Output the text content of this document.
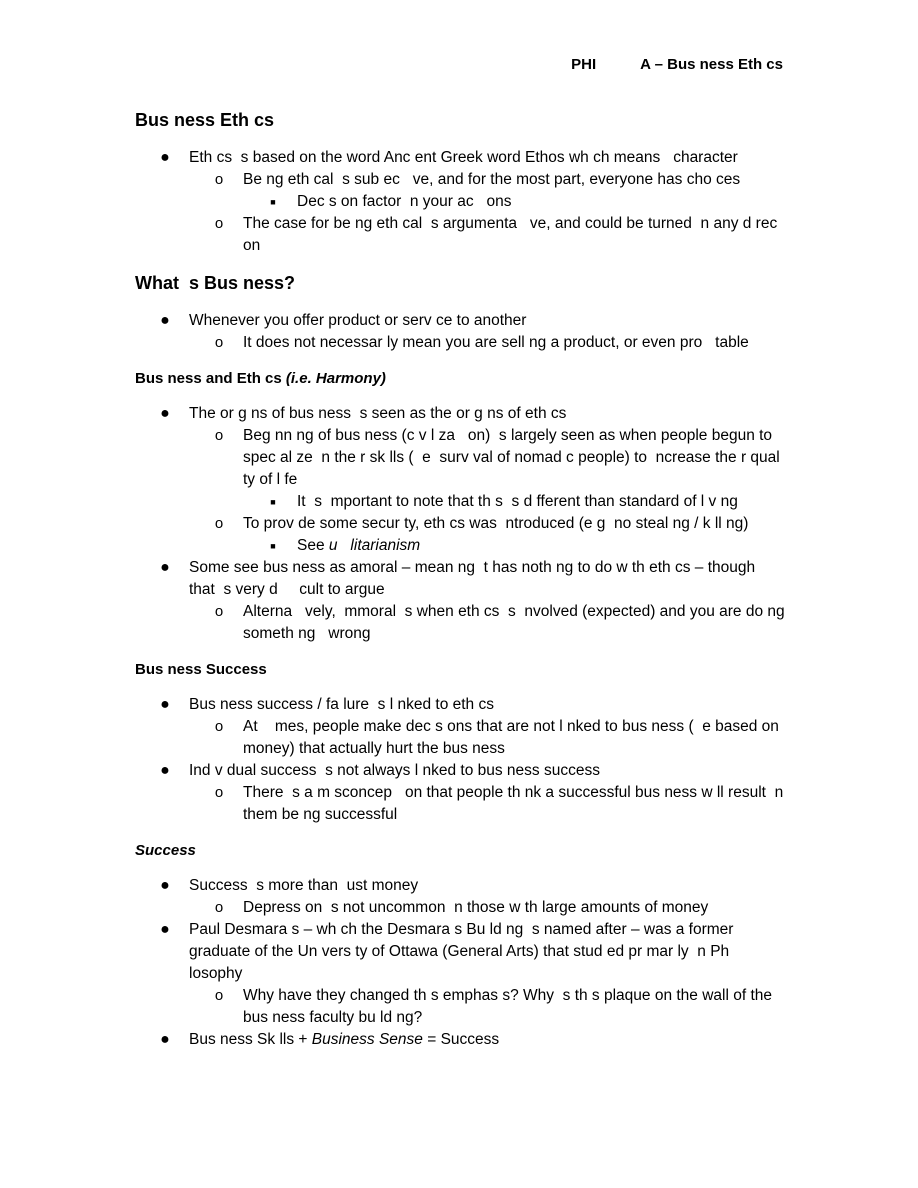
PHI	A – Bus ness Eth cs
Bus ness Eth cs
● Eth cs  s based on the word Anc ent Greek word Ethos wh ch means   character
o Be ng eth cal  s sub ec   ve, and for the most part, everyone has cho ces
■ Dec s on factor  n your ac   ons
o The case for be ng eth cal  s argumenta   ve, and could be turned  n any d rec   on
What  s Bus ness?
● Whenever you offer product or serv ce to another
o It does not necessar ly mean you are sell ng a product, or even pro   table
Bus ness and Eth cs (i.e. Harmony)
● The or g ns of bus ness  s seen as the or g ns of eth cs
o Beg nn ng of bus ness (c v l za   on)  s largely seen as when people begun to spec al ze  n the r sk lls (  e  surv val of nomad c people) to  ncrease the r qual ty of l fe
■ It  s  mportant to note that th s  s d fferent than standard of l v ng
o To prov de some secur ty, eth cs was  ntroduced (e g  no steal ng / k ll ng)
■ See u   litarianism
● Some see bus ness as amoral – mean ng  t has noth ng to do w th eth cs – though that  s very d     cult to argue
o Alterna   vely,  mmoral  s when eth cs  s  nvolved (expected) and you are do ng someth ng   wrong
Bus ness Success
● Bus ness success / fa lure  s l nked to eth cs
o At    mes, people make dec s ons that are not l nked to bus ness (  e based on money) that actually hurt the bus ness
● Ind v dual success  s not always l nked to bus ness success
o There  s a m sconcep   on that people th nk a successful bus ness w ll result  n them be ng successful
Success
● Success  s more than  ust money
o Depress on  s not uncommon  n those w th large amounts of money
● Paul Desmara s – wh ch the Desmara s Bu ld ng  s named after – was a former graduate of the Un vers ty of Ottawa (General Arts) that stud ed pr mar ly  n Ph losophy
o Why have they changed th s emphas s? Why  s th s plaque on the wall of the bus ness faculty bu ld ng?
● Bus ness Sk lls + Business Sense = Success
